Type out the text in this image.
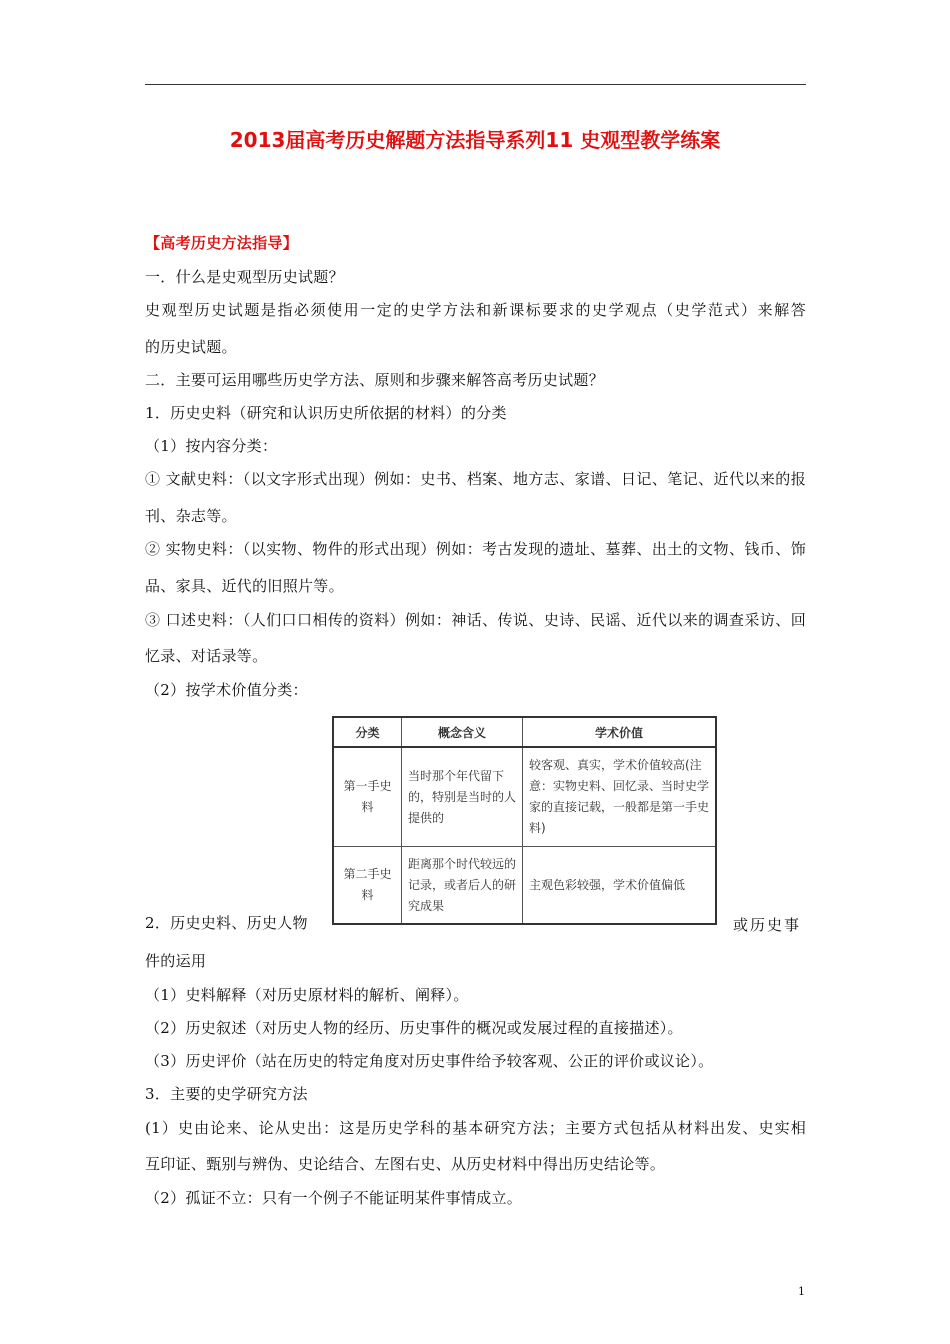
2013届高考历史解题方法指导系列11 史观型教学练案
【高考历史方法指导】
一．什么是史观型历史试题？
史观型历史试题是指必须使用一定的史学方法和新课标要求的史学观点（史学范式）来解答
的历史试题。
二．主要可运用哪些历史学方法、原则和步骤来解答高考历史试题？
1．历史史料（研究和认识历史所依据的材料）的分类
（1）按内容分类：
① 文献史料：（以文字形式出现）例如：史书、档案、地方志、家谱、日记、笔记、近代以来的报
刊、杂志等。
② 实物史料：（以实物、物件的形式出现）例如：考古发现的遗址、墓葬、出土的文物、钱币、饰
品、家具、近代的旧照片等。
③ 口述史料：（人们口口相传的资料）例如：神话、传说、史诗、民谣、近代以来的调查采访、回
忆录、对话录等。
（2）按学术价值分类：
分类	概念含义	学术价值
第一手史料	当时那个年代留下的，特别是当时的人提供的	较客观、真实，学术价值较高(注意：实物史料、回忆录、当时史学家的直接记载，一般都是第一手史料)
第二手史料	距离那个时代较远的记录，或者后人的研究成果	主观色彩较强，学术价值偏低
2．历史史料、历史人物	或历史事
件的运用
（1）史料解释（对历史原材料的解析、阐释）。
（2）历史叙述（对历史人物的经历、历史事件的概况或发展过程的直接描述）。
（3）历史评价（站在历史的特定角度对历史事件给予较客观、公正的评价或议论）。
3．主要的史学研究方法
(1）史由论来、论从史出：这是历史学科的基本研究方法；主要方式包括从材料出发、史实相
互印证、甄别与辨伪、史论结合、左图右史、从历史材料中得出历史结论等。
（2）孤证不立：只有一个例子不能证明某件事情成立。
1
